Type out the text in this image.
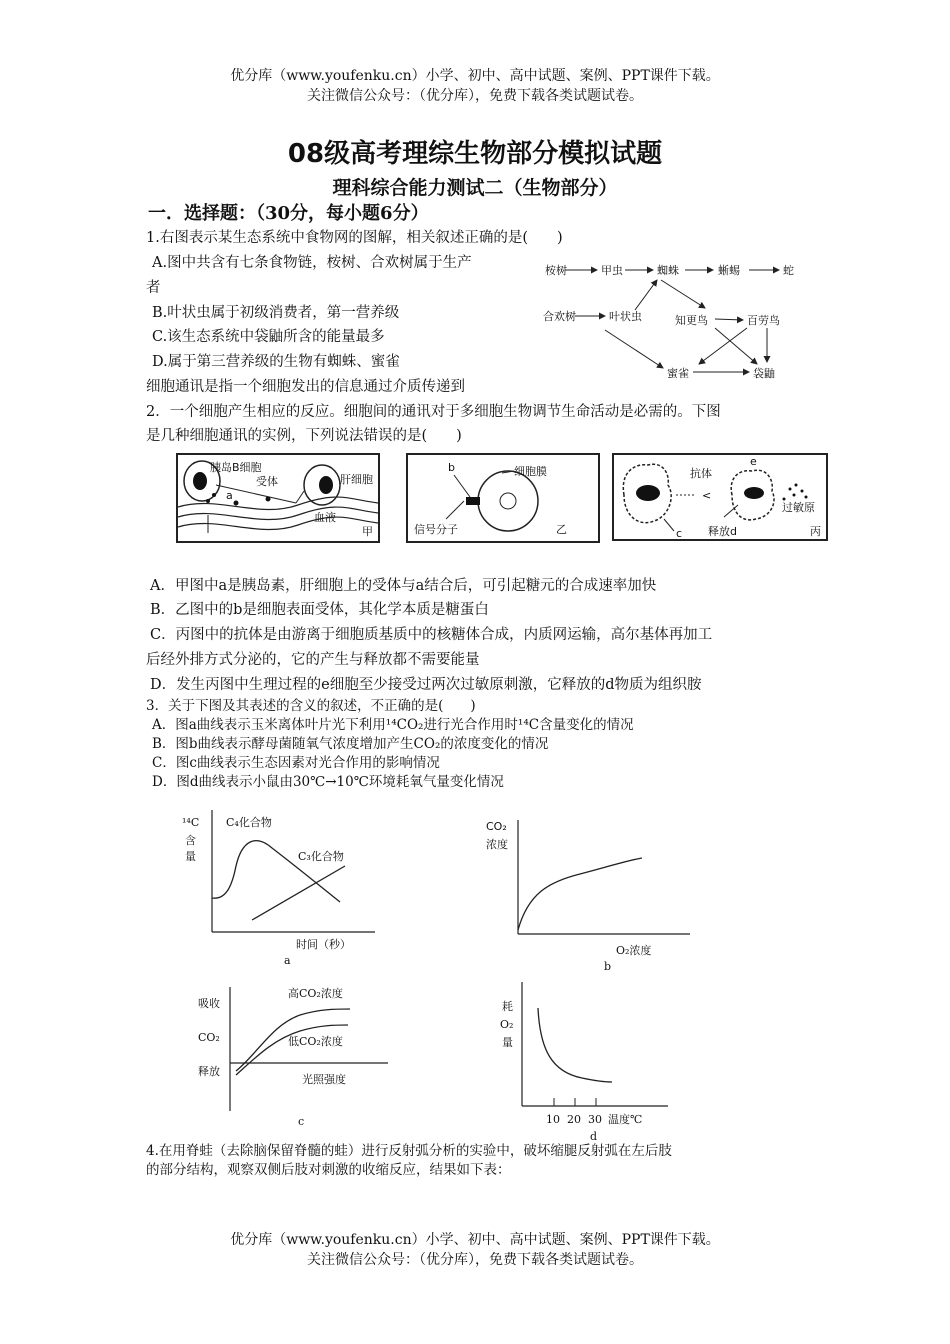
优分库（www.youfenku.cn）小学、初中、高中试题、案例、PPT课件下载。
关注微信公众号：（优分库），免费下载各类试题试卷。
08级高考理综生物部分模拟试题
理科综合能力测试二（生物部分）
一．选择题：（30分，每小题6分）
1.右图表示某生态系统中食物网的图解，相关叙述正确的是(　　)
A.图中共含有七条食物链，桉树、合欢树属于生产
者
B.叶状虫属于初级消费者，第一营养级
C.该生态系统中袋鼬所含的能量最多
D.属于第三营养级的生物有蜘蛛、蜜雀
桉树	甲虫	蜘蛛	蜥蜴	蛇
合欢树	叶状虫	知更鸟	百劳鸟
蜜雀	袋鼬
细胞通讯是指一个细胞发出的信息通过介质传递到
2．一个细胞产生相应的反应。细胞间的通讯对于多细胞生物调节生命活动是必需的。下图
是几种细胞通讯的实例，下列说法错误的是(　　)
胰岛B细胞
受体	肝细胞
a
血液
甲
b	细胞膜
信号分子	乙
<
抗体
e
过敏原
c 释放d	丙
A．甲图中a是胰岛素，肝细胞上的受体与a结合后，可引起糖元的合成速率加快
B．乙图中的b是细胞表面受体，其化学本质是糖蛋白
C．丙图中的抗体是由游离于细胞质基质中的核糖体合成，内质网运输，高尔基体再加工
后经外排方式分泌的，它的产生与释放都不需要能量
D．发生丙图中生理过程的e细胞至少接受过两次过敏原刺激，它释放的d物质为组织胺
3．关于下图及其表述的含义的叙述，不正确的是(　　)
A．图a曲线表示玉米离体叶片光下利用¹⁴CO₂进行光合作用时¹⁴C含量变化的情况
B．图b曲线表示酵母菌随氧气浓度增加产生CO₂的浓度变化的情况
C．图c曲线表示生态因素对光合作用的影响情况
D．图d曲线表示小鼠由30℃→10℃环境耗氧气量变化情况
¹⁴C
含
量
C₄化合物
C₃化合物
时间（秒）
a
CO₂
浓度
O₂浓度
b
吸收
CO₂
释放
高CO₂浓度
低CO₂浓度
光照强度
c
耗
O₂
量
10 20 30 温度℃
d
4.在用脊蛙（去除脑保留脊髓的蛙）进行反射弧分析的实验中，破坏缩腿反射弧在左后肢
的部分结构，观察双侧后肢对刺激的收缩反应，结果如下表：
优分库（www.youfenku.cn）小学、初中、高中试题、案例、PPT课件下载。
关注微信公众号：（优分库），免费下载各类试题试卷。
